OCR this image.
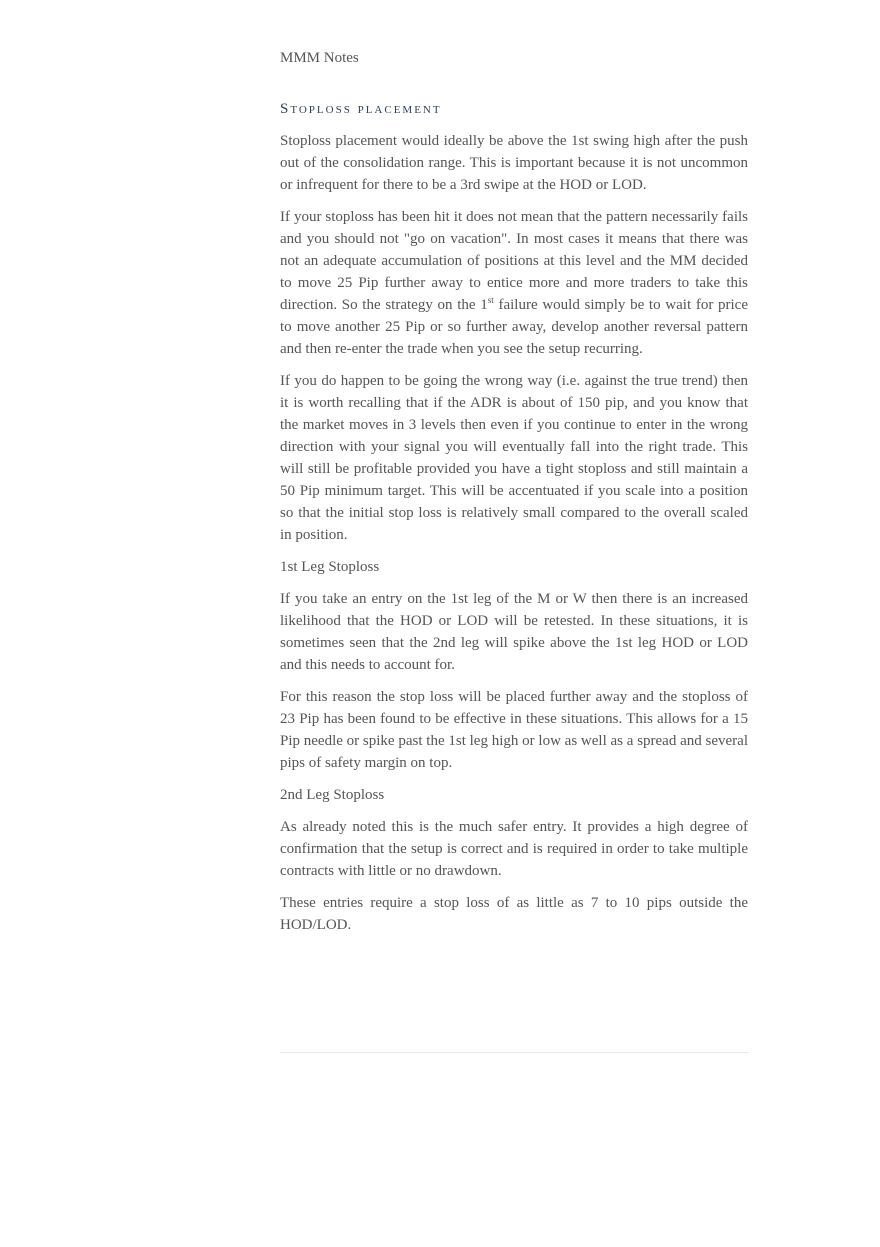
MMM Notes

Stoploss placement

Stoploss placement would ideally be above the 1st swing high after the push out of the consolidation range. This is important because it is not uncommon or infrequent for there to be a 3rd swipe at the HOD or LOD.

If your stoploss has been hit it does not mean that the pattern necessarily fails and you should not "go on vacation". In most cases it means that there was not an adequate accumulation of positions at this level and the MM decided to move 25 Pip further away to entice more and more traders to take this direction. So the strategy on the 1st failure would simply be to wait for price to move another 25 Pip or so further away, develop another reversal pattern and then re-enter the trade when you see the setup recurring.

If you do happen to be going the wrong way (i.e. against the true trend) then it is worth recalling that if the ADR is about of 150 pip, and you know that the market moves in 3 levels then even if you continue to enter in the wrong direction with your signal you will eventually fall into the right trade. This will still be profitable provided you have a tight stoploss and still maintain a 50 Pip minimum target. This will be accentuated if you scale into a position so that the initial stop loss is relatively small compared to the overall scaled in position.

1st Leg Stoploss

If you take an entry on the 1st leg of the M or W then there is an increased likelihood that the HOD or LOD will be retested. In these situations, it is sometimes seen that the 2nd leg will spike above the 1st leg HOD or LOD and this needs to account for.

For this reason the stop loss will be placed further away and the stoploss of 23 Pip has been found to be effective in these situations. This allows for a 15 Pip needle or spike past the 1st leg high or low as well as a spread and several pips of safety margin on top.

2nd Leg Stoploss

As already noted this is the much safer entry. It provides a high degree of confirmation that the setup is correct and is required in order to take multiple contracts with little or no drawdown.

These entries require a stop loss of as little as 7 to 10 pips outside the HOD/LOD.
